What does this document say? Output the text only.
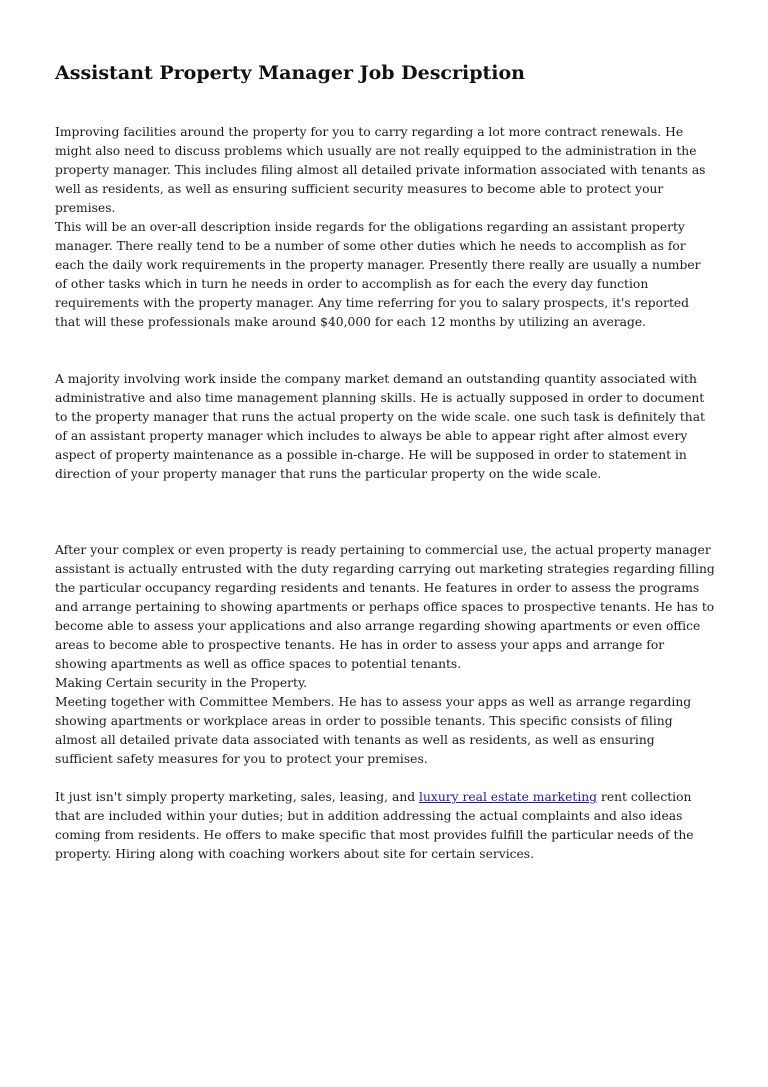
Assistant Property Manager Job Description

Improving facilities around the property for you to carry regarding a lot more contract renewals. He might also need to discuss problems which usually are not really equipped to the administration in the property manager. This includes filing almost all detailed private information associated with tenants as well as residents, as well as ensuring sufficient security measures to become able to protect your premises.

This will be an over-all description inside regards for the obligations regarding an assistant property manager. There really tend to be a number of some other duties which he needs to accomplish as for each the daily work requirements in the property manager. Presently there really are usually a number of other tasks which in turn he needs in order to accomplish as for each the every day function requirements with the property manager. Any time referring for you to salary prospects, it's reported that will these professionals make around $40,000 for each 12 months by utilizing an average.

A majority involving work inside the company market demand an outstanding quantity associated with administrative and also time management planning skills. He is actually supposed in order to document to the property manager that runs the actual property on the wide scale. one such task is definitely that of an assistant property manager which includes to always be able to appear right after almost every aspect of property maintenance as a possible in-charge. He will be supposed in order to statement in direction of your property manager that runs the particular property on the wide scale.

After your complex or even property is ready pertaining to commercial use, the actual property manager assistant is actually entrusted with the duty regarding carrying out marketing strategies regarding filling the particular occupancy regarding residents and tenants. He features in order to assess the programs and arrange pertaining to showing apartments or perhaps office spaces to prospective tenants. He has to become able to assess your applications and also arrange regarding showing apartments or even office areas to become able to prospective tenants. He has in order to assess your apps and arrange for showing apartments as well as office spaces to potential tenants.

Making Certain security in the Property.

Meeting together with Committee Members. He has to assess your apps as well as arrange regarding showing apartments or workplace areas in order to possible tenants. This specific consists of filing almost all detailed private data associated with tenants as well as residents, as well as ensuring sufficient safety measures for you to protect your premises.

It just isn't simply property marketing, sales, leasing, and luxury real estate marketing rent collection that are included within your duties; but in addition addressing the actual complaints and also ideas coming from residents. He offers to make specific that most provides fulfill the particular needs of the property. Hiring along with coaching workers about site for certain services.
